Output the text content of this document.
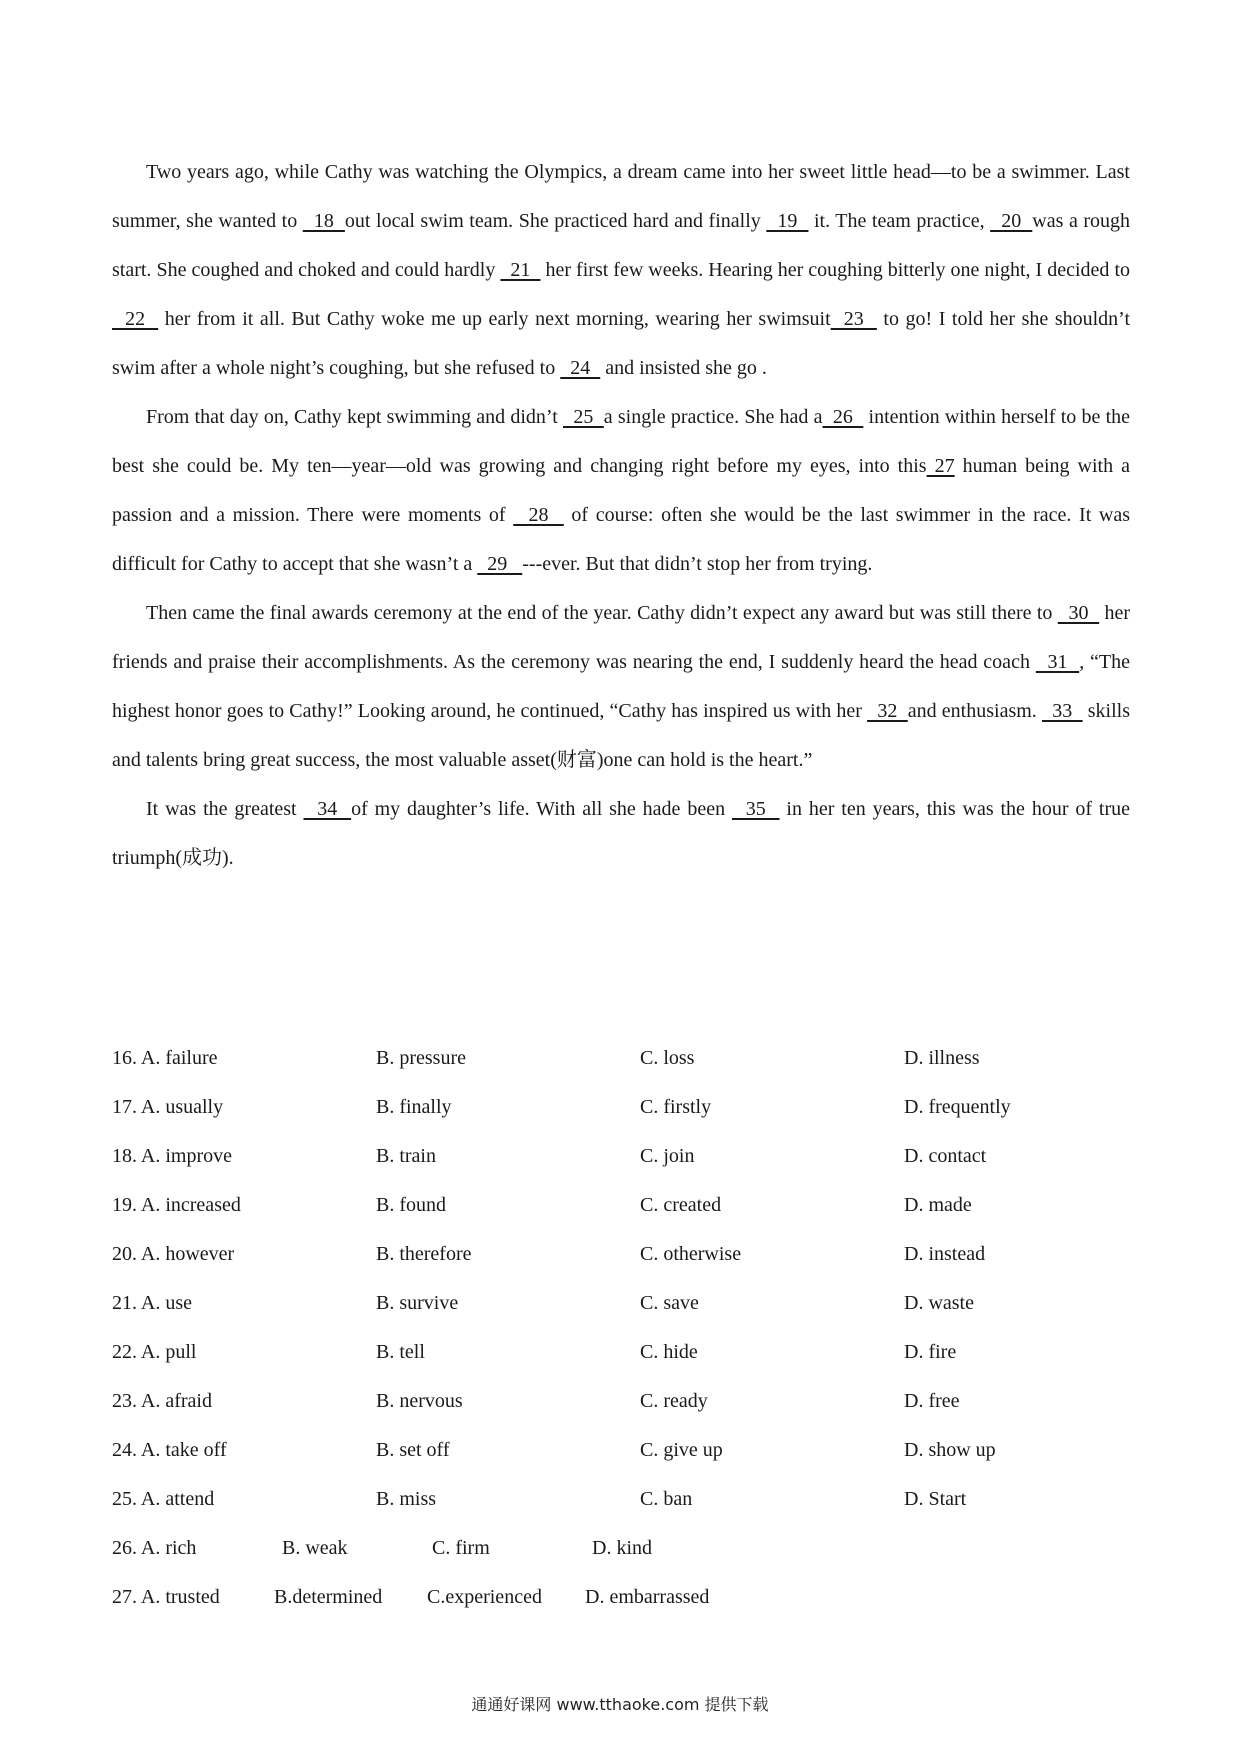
Two years ago, while Cathy was watching the Olympics, a dream came into her sweet little head—to be a swimmer. Last summer, she wanted to   18  out local swim team. She practiced hard and finally   19   it. The team practice,   20  was a rough start. She coughed and choked and could hardly   21   her first few weeks. Hearing her coughing bitterly one night, I decided to   22   her from it all. But Cathy woke me up early next morning, wearing her swimsuit  23   to go! I told her she shouldn’t swim after a whole night’s coughing, but she refused to   24   and insisted she go .

From that day on, Cathy kept swimming and didn’t   25  a single practice. She had a  26   intention within herself to be the best she could be. My ten—year—old was growing and changing right before my eyes, into this 27 human being with a passion and a mission. There were moments of   28   of course: often she would be the last swimmer in the race. It was difficult for Cathy to accept that she wasn’t a   29   ---ever. But that didn’t stop her from trying.

Then came the final awards ceremony at the end of the year. Cathy didn’t expect any award but was still there to   30   her friends and praise their accomplishments. As the ceremony was nearing the end, I suddenly heard the head coach   31  , “The highest honor goes to Cathy!” Looking around, he continued, “Cathy has inspired us with her   32  and enthusiasm.   33   skills and talents bring great success, the most valuable asset(财富)one can hold is the heart.”

It was the greatest   34  of my daughter’s life. With all she hade been   35   in her ten years, this was the hour of true triumph(成功).

16. A. failure	B. pressure	C. loss	D. illness
17. A. usually	B. finally	C. firstly	D. frequently
18. A. improve	B. train	C. join	D. contact
19. A. increased	B. found	C. created	D. made
20. A. however	B. therefore	C. otherwise	D. instead
21. A. use	B. survive	C. save	D. waste
22. A. pull	B. tell	C. hide	D. fire
23. A. afraid	B. nervous	C. ready	D. free
24. A. take off	B. set off	C. give up	D. show up
25. A. attend	B. miss	C. ban	D. Start
26. A. rich	B. weak	C. firm	D. kind
27. A. trusted	B.determined C.experienced D. embarrassed
通通好课网 www.tthaoke.com 提供下载
